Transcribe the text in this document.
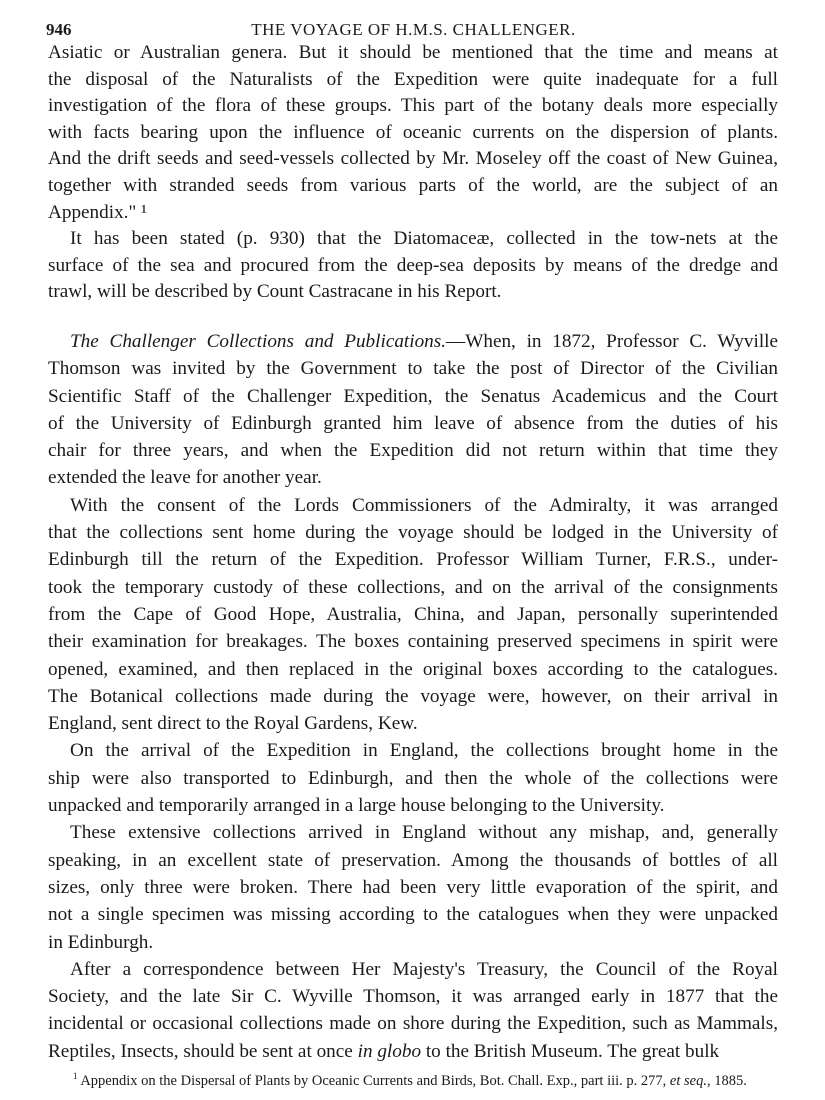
946	THE VOYAGE OF H.M.S. CHALLENGER.
Asiatic or Australian genera. But it should be mentioned that the time and means at
the disposal of the Naturalists of the Expedition were quite inadequate for a full
investigation of the flora of these groups. This part of the botany deals more especially
with facts bearing upon the influence of oceanic currents on the dispersion of plants.
And the drift seeds and seed-vessels collected by Mr. Moseley off the coast of New Guinea,
together with stranded seeds from various parts of the world, are the subject of an
Appendix." ¹
It has been stated (p. 930) that the Diatomaceæ, collected in the tow-nets at the
surface of the sea and procured from the deep-sea deposits by means of the dredge and
trawl, will be described by Count Castracane in his Report.
The Challenger Collections and Publications.—When, in 1872, Professor C. Wyville
Thomson was invited by the Government to take the post of Director of the Civilian
Scientific Staff of the Challenger Expedition, the Senatus Academicus and the Court
of the University of Edinburgh granted him leave of absence from the duties of his
chair for three years, and when the Expedition did not return within that time they
extended the leave for another year.
With the consent of the Lords Commissioners of the Admiralty, it was arranged
that the collections sent home during the voyage should be lodged in the University of
Edinburgh till the return of the Expedition. Professor William Turner, F.R.S., under-
took the temporary custody of these collections, and on the arrival of the consignments
from the Cape of Good Hope, Australia, China, and Japan, personally superintended
their examination for breakages. The boxes containing preserved specimens in spirit were
opened, examined, and then replaced in the original boxes according to the catalogues.
The Botanical collections made during the voyage were, however, on their arrival in
England, sent direct to the Royal Gardens, Kew.
On the arrival of the Expedition in England, the collections brought home in the
ship were also transported to Edinburgh, and then the whole of the collections were
unpacked and temporarily arranged in a large house belonging to the University.
These extensive collections arrived in England without any mishap, and, generally
speaking, in an excellent state of preservation. Among the thousands of bottles of all
sizes, only three were broken. There had been very little evaporation of the spirit, and
not a single specimen was missing according to the catalogues when they were unpacked
in Edinburgh.
After a correspondence between Her Majesty's Treasury, the Council of the Royal
Society, and the late Sir C. Wyville Thomson, it was arranged early in 1877 that the
incidental or occasional collections made on shore during the Expedition, such as Mammals,
Reptiles, Insects, should be sent at once in globo to the British Museum. The great bulk
$^1$ Appendix on the Dispersal of Plants by Oceanic Currents and Birds, Bot. Chall. Exp., part iii. p. 277, et seq., 1885.
